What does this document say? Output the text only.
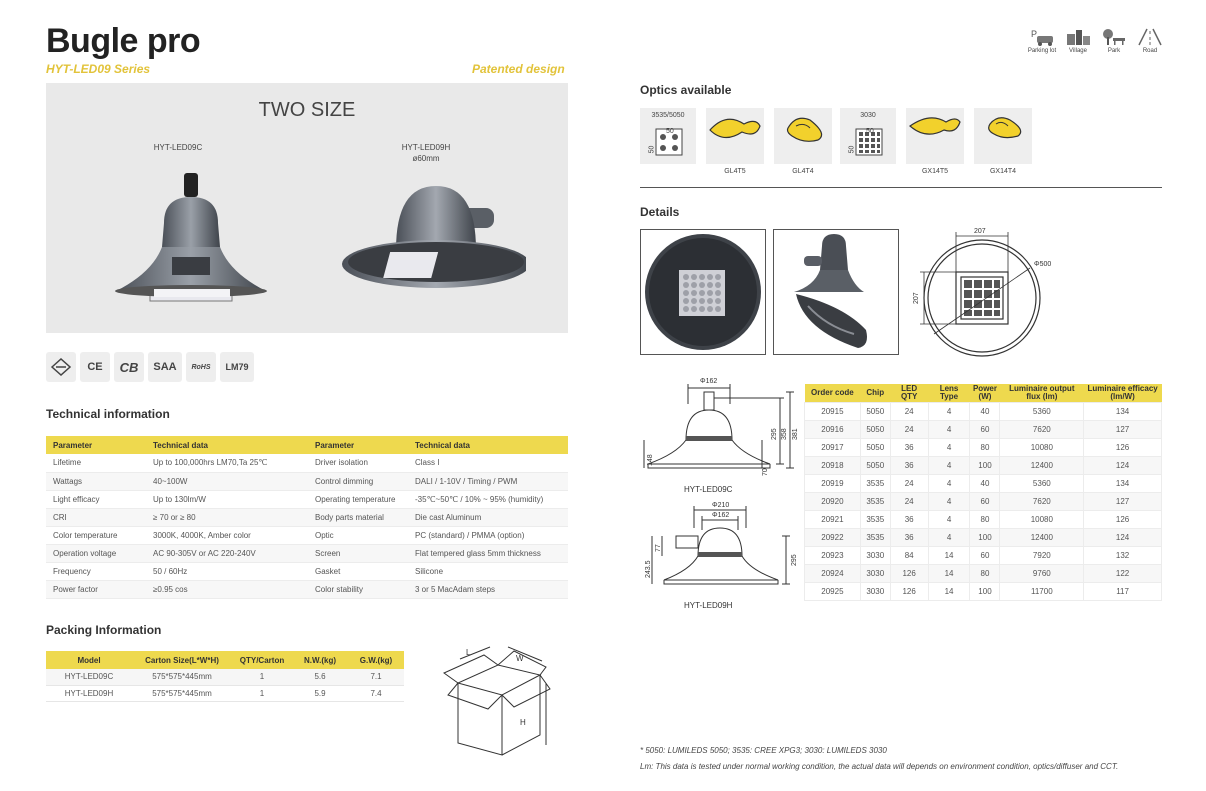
Bugle pro
HYT-LED09 Series	Patented design
TWO SIZE
HYT-LED09C	HYT-LED09H
ø60mm
CE	CB	SAA	RoHS	LM79
Technical information
Parameter	Technical data	Parameter	Technical data
Lifetime	Up to 100,000hrs LM70,Ta 25℃	Driver isolation	Class I
Wattags	40~100W	Control dimming	DALI / 1-10V / Timing / PWM
Light efficacy	Up to 130lm/W	Operating temperature	-35℃~50℃ / 10% ~ 95% (humidity)
CRI	≥ 70 or ≥ 80	Body parts material	Die cast Aluminum
Color temperature	3000K, 4000K, Amber color	Optic	PC (standard) / PMMA (option)
Operation voltage	AC 90-305V or AC 220-240V	Screen	Flat tempered glass 5mm thickness
Frequency	50 / 60Hz	Gasket	Silicone
Power factor	≥0.95 cos	Color stability	3 or 5 MacAdam steps
Packing Information
Model	Carton Size(L*W*H)	QTY/Carton	N.W.(kg)	G.W.(kg)
HYT-LED09C	575*575*445mm	1	5.6	7.1
HYT-LED09H	575*575*445mm	1	5.9	7.4
L
W
H
P
Parking lot	Village	Park	Road
Optics available
3535/5050
50
50
GL4T5	GL4T4
3030
50
50
GX14T5	GX14T4
Details
207
Φ500
207
Φ162
295 358 381
148
70
HYT-LED09C
Φ210
Φ162
77
243.5
295
HYT-LED09H
Order code	Chip	LED QTY	Lens Type	Power (W)	Luminaire output flux (lm)	Luminaire efficacy (lm/W)
20915	5050	24	4	40	5360	134
20916	5050	24	4	60	7620	127
20917	5050	36	4	80	10080	126
20918	5050	36	4	100	12400	124
20919	3535	24	4	40	5360	134
20920	3535	24	4	60	7620	127
20921	3535	36	4	80	10080	126
20922	3535	36	4	100	12400	124
20923	3030	84	14	60	7920	132
20924	3030	126	14	80	9760	122
20925	3030	126	14	100	11700	117
* 5050: LUMILEDS 5050; 3535: CREE XPG3; 3030: LUMILEDS 3030
Lm: This data is tested under normal working condition, the actual data will depends on environment condition, optics/diffuser and CCT.
